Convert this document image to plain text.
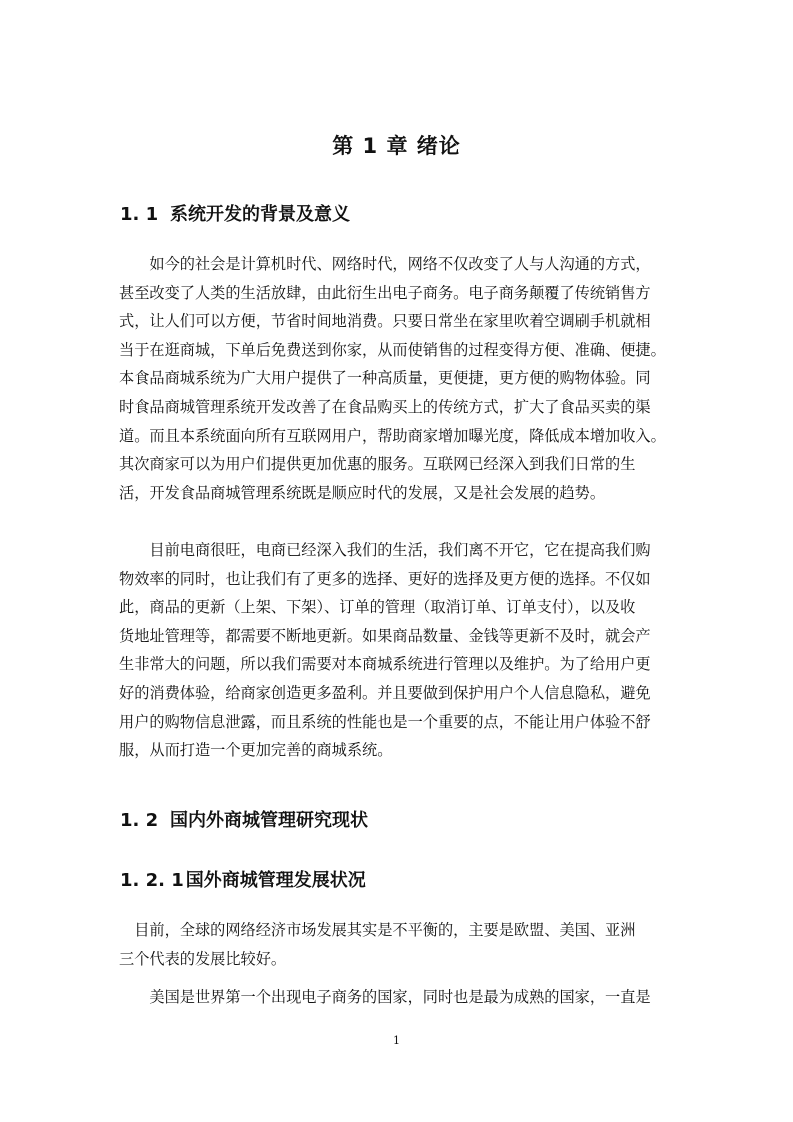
第 1 章 绪论
1. 1 系统开发的背景及意义
　　如今的社会是计算机时代、网络时代，网络不仅改变了人与人沟通的方式，
甚至改变了人类的生活放肆，由此衍生出电子商务。电子商务颠覆了传统销售方
式，让人们可以方便，节省时间地消费。只要日常坐在家里吹着空调刷手机就相
当于在逛商城，下单后免费送到你家，从而使销售的过程变得方便、准确、便捷。
本食品商城系统为广大用户提供了一种高质量，更便捷，更方便的购物体验。同
时食品商城管理系统开发改善了在食品购买上的传统方式，扩大了食品买卖的渠
道。而且本系统面向所有互联网用户，帮助商家增加曝光度，降低成本增加收入。
其次商家可以为用户们提供更加优惠的服务。互联网已经深入到我们日常的生
活，开发食品商城管理系统既是顺应时代的发展，又是社会发展的趋势。
　　目前电商很旺，电商已经深入我们的生活，我们离不开它，它在提高我们购
物效率的同时，也让我们有了更多的选择、更好的选择及更方便的选择。不仅如
此，商品的更新（上架、下架）、订单的管理（取消订单、订单支付），以及收
货地址管理等，都需要不断地更新。如果商品数量、金钱等更新不及时，就会产
生非常大的问题，所以我们需要对本商城系统进行管理以及维护。为了给用户更
好的消费体验，给商家创造更多盈利。并且要做到保护用户个人信息隐私，避免
用户的购物信息泄露，而且系统的性能也是一个重要的点，不能让用户体验不舒
服，从而打造一个更加完善的商城系统。
1. 2 国内外商城管理研究现状
1. 2. 1 国外商城管理发展状况
　目前，全球的网络经济市场发展其实是不平衡的，主要是欧盟、美国、亚洲
三个代表的发展比较好。
　　美国是世界第一个出现电子商务的国家，同时也是最为成熟的国家，一直是
1
